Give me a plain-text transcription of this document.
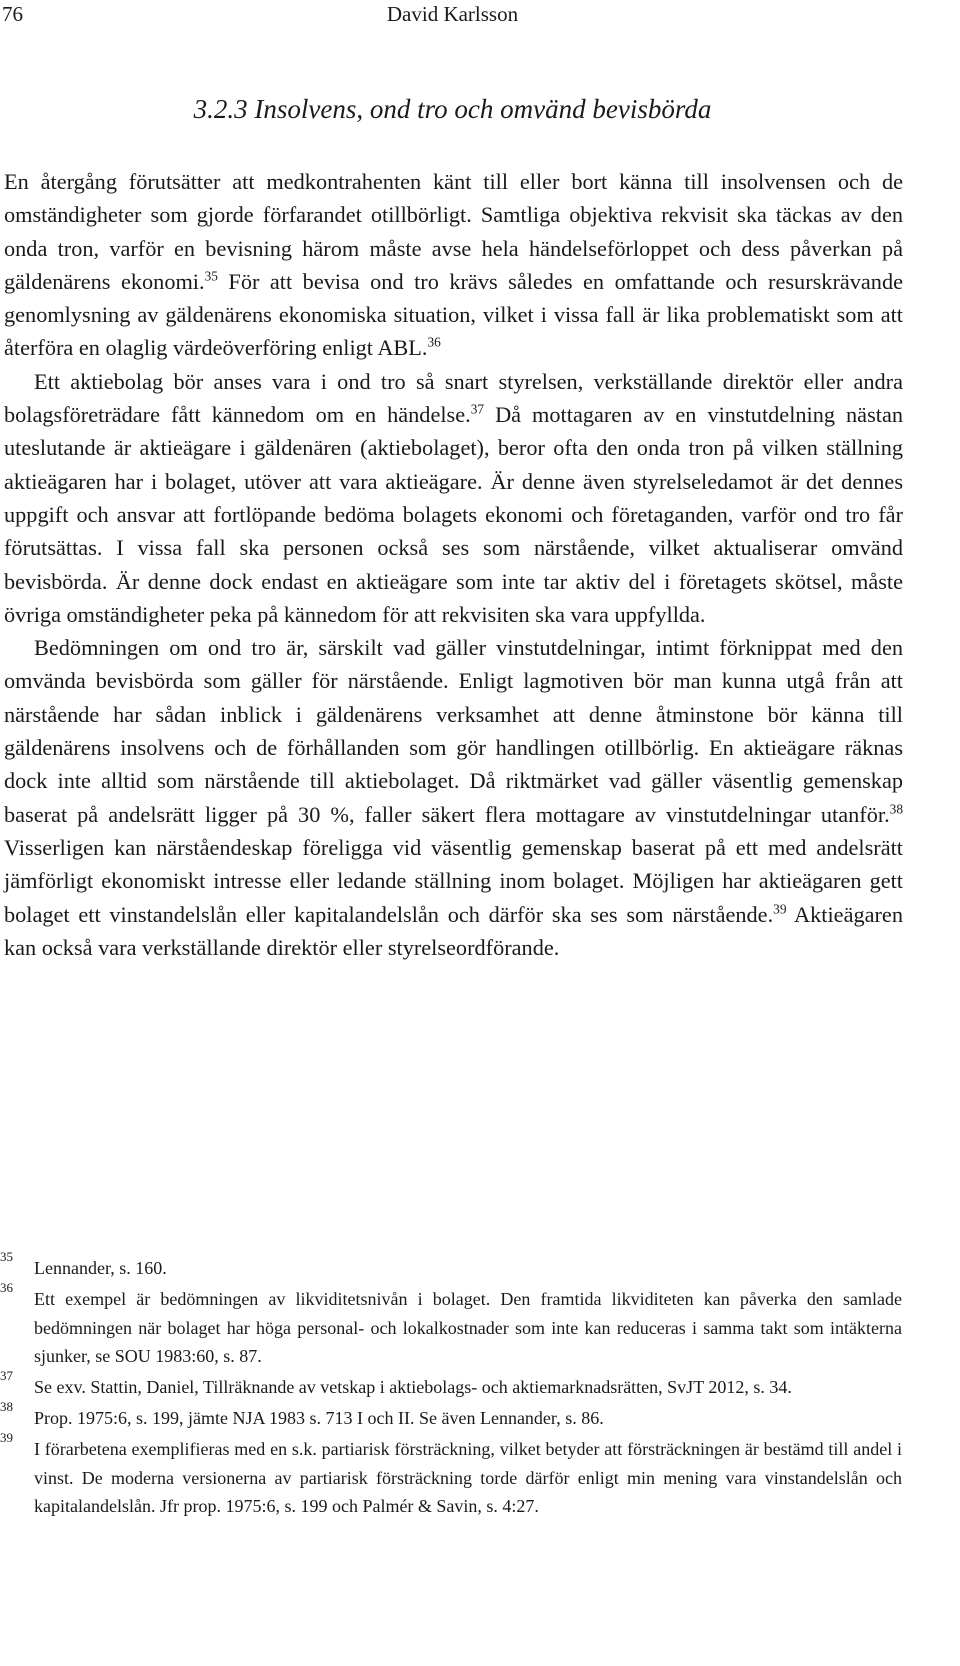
76	David Karlsson
3.2.3 Insolvens, ond tro och omvänd bevisbörda

En återgång förutsätter att medkontrahenten känt till eller bort känna till insolvensen och de omständigheter som gjorde förfarandet otillbörligt. Samtliga objektiva rekvisit ska täckas av den onda tron, varför en bevisning härom måste avse hela händelseförloppet och dess påverkan på gäldenärens ekonomi.$^{35}$ För att bevisa ond tro krävs således en omfattande och resurskrävande genomlysning av gäldenärens ekonomiska situation, vilket i vissa fall är lika problematiskt som att återföra en olaglig värdeöverföring enligt ABL.$^{36}$

Ett aktiebolag bör anses vara i ond tro så snart styrelsen, verkställande direktör eller andra bolagsföreträdare fått kännedom om en händelse.$^{37}$ Då mottagaren av en vinstutdelning nästan uteslutande är aktieägare i gäldenären (aktiebolaget), beror ofta den onda tron på vilken ställning aktieägaren har i bolaget, utöver att vara aktieägare. Är denne även styrelseledamot är det dennes uppgift och ansvar att fortlöpande bedöma bolagets ekonomi och företaganden, varför ond tro får förutsättas. I vissa fall ska personen också ses som närstående, vilket aktualiserar omvänd bevisbörda. Är denne dock endast en aktieägare som inte tar aktiv del i företagets skötsel, måste övriga omständigheter peka på kännedom för att rekvisiten ska vara uppfyllda.

Bedömningen om ond tro är, särskilt vad gäller vinstutdelningar, intimt förknippat med den omvända bevisbörda som gäller för närstående. Enligt lagmotiven bör man kunna utgå från att närstående har sådan inblick i gäldenärens verksamhet att denne åtminstone bör känna till gäldenärens insolvens och de förhållanden som gör handlingen otillbörlig. En aktieägare räknas dock inte alltid som närstående till aktiebolaget. Då riktmärket vad gäller väsentlig gemenskap baserat på andelsrätt ligger på 30 %, faller säkert flera mottagare av vinstutdelningar utanför.$^{38}$ Visserligen kan närståendeskap föreligga vid väsentlig gemenskap baserat på ett med andelsrätt jämförligt ekonomiskt intresse eller ledande ställning inom bolaget. Möjligen har aktieägaren gett bolaget ett vinstandelslån eller kapitalandelslån och därför ska ses som närstående.$^{39}$ Aktieägaren kan också vara verkställande direktör eller styrelseordförande.

35
Lennander, s. 160.
36
Ett exempel är bedömningen av likviditetsnivån i bolaget. Den framtida likviditeten kan påverka den samlade bedömningen när bolaget har höga personal- och lokalkostnader som inte kan reduceras i samma takt som intäkterna sjunker, se SOU 1983:60, s. 87.
37
Se exv. Stattin, Daniel, Tillräknande av vetskap i aktiebolags- och aktiemarknadsrätten, SvJT 2012, s. 34.
38
Prop. 1975:6, s. 199, jämte NJA 1983 s. 713 I och II. Se även Lennander, s. 86.
39
I förarbetena exemplifieras med en s.k. partiarisk försträckning, vilket betyder att försträckningen är bestämd till andel i vinst. De moderna versionerna av partiarisk försträckning torde därför enligt min mening vara vinstandelslån och kapitalandelslån. Jfr prop. 1975:6, s. 199 och Palmér & Savin, s. 4:27.
